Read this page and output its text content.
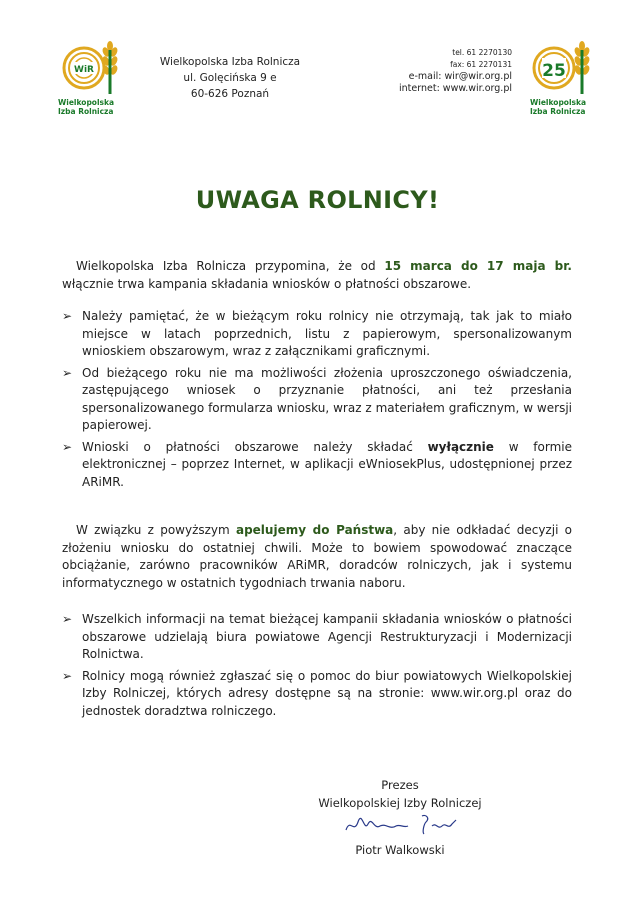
WiR
Wielkopolska
Izba Rolnicza
Wielkopolska Izba Rolnicza
ul. Golęcińska 9 e
60-626 Poznań
tel. 61 2270130
fax: 61 2270131
e-mail: wir@wir.org.pl
internet: www.wir.org.pl
25
Wielkopolska
Izba Rolnicza
UWAGA ROLNICY!
Wielkopolska Izba Rolnicza przypomina, że od 15 marca do 17 maja br. włącznie trwa kampania składania wniosków o płatności obszarowe.
➢ Należy pamiętać, że w bieżącym roku rolnicy nie otrzymają, tak jak to miało miejsce w latach poprzednich, listu z papierowym, spersonalizowanym wnioskiem obszarowym, wraz z załącznikami graficznymi.
➢ Od bieżącego roku nie ma możliwości złożenia uproszczonego oświadczenia, zastępującego wniosek o przyznanie płatności, ani też przesłania spersonalizowanego formularza wniosku, wraz z materiałem graficznym, w wersji papierowej.
➢ Wnioski o płatności obszarowe należy składać wyłącznie w formie elektronicznej – poprzez Internet, w aplikacji eWniosekPlus, udostępnionej przez ARiMR.
W związku z powyższym apelujemy do Państwa, aby nie odkładać decyzji o złożeniu wniosku do ostatniej chwili. Może to bowiem spowodować znaczące obciążanie, zarówno pracowników ARiMR, doradców rolniczych, jak i systemu informatycznego w ostatnich tygodniach trwania naboru.
➢ Wszelkich informacji na temat bieżącej kampanii składania wniosków o płatności obszarowe udzielają biura powiatowe Agencji Restrukturyzacji i Modernizacji Rolnictwa.
➢ Rolnicy mogą również zgłaszać się o pomoc do biur powiatowych Wielkopolskiej Izby Rolniczej, których adresy dostępne są na stronie: www.wir.org.pl oraz do jednostek doradztwa rolniczego.
Prezes
Wielkopolskiej Izby Rolniczej
Piotr Walkowski
